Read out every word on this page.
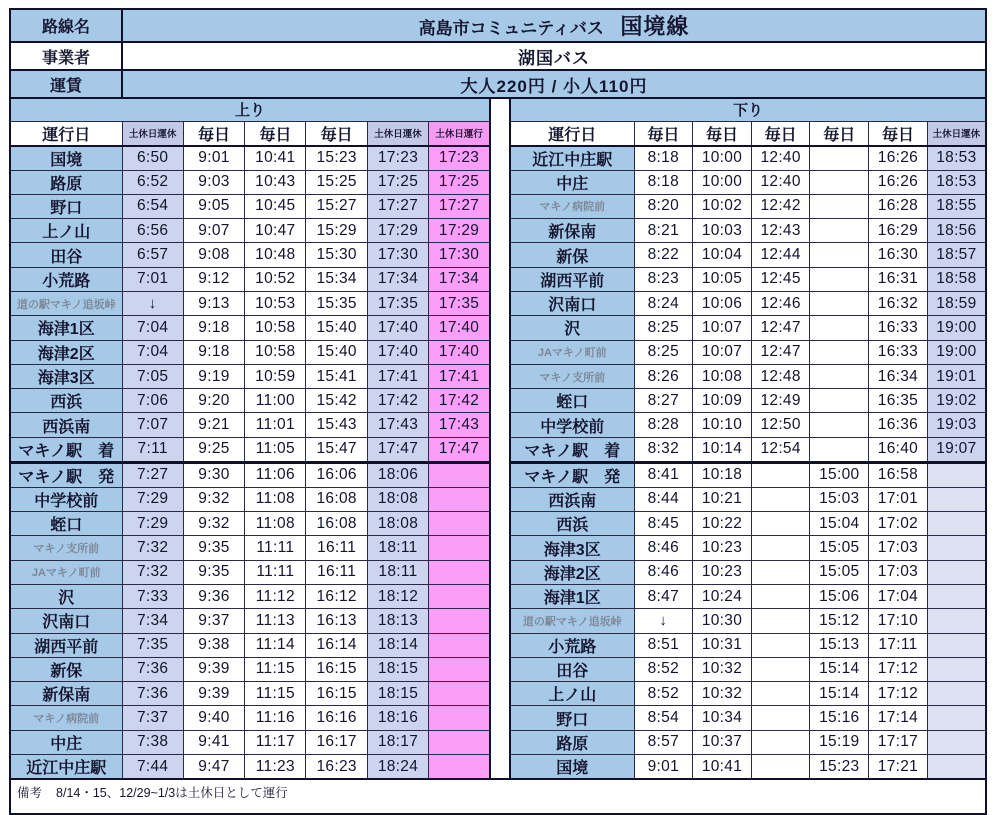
路線名	高島市コミュニティバス 国境線
事業者	湖国バス
運賃	大人220円 / 小人110円
上り						
運行日	土休日運休	毎日	毎日	毎日	土休日運休	土休日運行
国境	6:50	9:01	10:41	15:23	17:23	17:23
路原	6:52	9:03	10:43	15:25	17:25	17:25
野口	6:54	9:05	10:45	15:27	17:27	17:27
上ノ山	6:56	9:07	10:47	15:29	17:29	17:29
田谷	6:57	9:08	10:48	15:30	17:30	17:30
小荒路	7:01	9:12	10:52	15:34	17:34	17:34
道の駅マキノ追坂峠	↓	9:13	10:53	15:35	17:35	17:35
海津1区	7:04	9:18	10:58	15:40	17:40	17:40
海津2区	7:04	9:18	10:58	15:40	17:40	17:40
海津3区	7:05	9:19	10:59	15:41	17:41	17:41
西浜	7:06	9:20	11:00	15:42	17:42	17:42
西浜南	7:07	9:21	11:01	15:43	17:43	17:43
マキノ駅　着	7:11	9:25	11:05	15:47	17:47	17:47
マキノ駅　発	7:27	9:30	11:06	16:06	18:06	
中学校前	7:29	9:32	11:08	16:08	18:08	
蛭口	7:29	9:32	11:08	16:08	18:08	
マキノ支所前	7:32	9:35	11:11	16:11	18:11	
JAマキノ町前	7:32	9:35	11:11	16:11	18:11	
沢	7:33	9:36	11:12	16:12	18:12	
沢南口	7:34	9:37	11:13	16:13	18:13	
湖西平前	7:35	9:38	11:14	16:14	18:14	
新保	7:36	9:39	11:15	16:15	18:15	
新保南	7:36	9:39	11:15	16:15	18:15	
マキノ病院前	7:37	9:40	11:16	16:16	18:16	
中庄	7:38	9:41	11:17	16:17	18:17	
近江中庄駅	7:44	9:47	11:23	16:23	18:24	
下り						
運行日	毎日	毎日	毎日	毎日	毎日	土休日運休
近江中庄駅	8:18	10:00	12:40		16:26	18:53
中庄	8:18	10:00	12:40		16:26	18:53
マキノ病院前	8:20	10:02	12:42		16:28	18:55
新保南	8:21	10:03	12:43		16:29	18:56
新保	8:22	10:04	12:44		16:30	18:57
湖西平前	8:23	10:05	12:45		16:31	18:58
沢南口	8:24	10:06	12:46		16:32	18:59
沢	8:25	10:07	12:47		16:33	19:00
JAマキノ町前	8:25	10:07	12:47		16:33	19:00
マキノ支所前	8:26	10:08	12:48		16:34	19:01
蛭口	8:27	10:09	12:49		16:35	19:02
中学校前	8:28	10:10	12:50		16:36	19:03
マキノ駅　着	8:32	10:14	12:54		16:40	19:07
マキノ駅　発	8:41	10:18		15:00	16:58	
西浜南	8:44	10:21		15:03	17:01	
西浜	8:45	10:22		15:04	17:02	
海津3区	8:46	10:23		15:05	17:03	
海津2区	8:46	10:23		15:05	17:03	
海津1区	8:47	10:24		15:06	17:04	
道の駅マキノ追坂峠	↓	10:30		15:12	17:10	
小荒路	8:51	10:31		15:13	17:11	
田谷	8:52	10:32		15:14	17:12	
上ノ山	8:52	10:32		15:14	17:12	
野口	8:54	10:34		15:16	17:14	
路原	8:57	10:37		15:19	17:17	
国境	9:01	10:41		15:23	17:21	
備考 8/14・15、12/29~1/3は土休日として運行
